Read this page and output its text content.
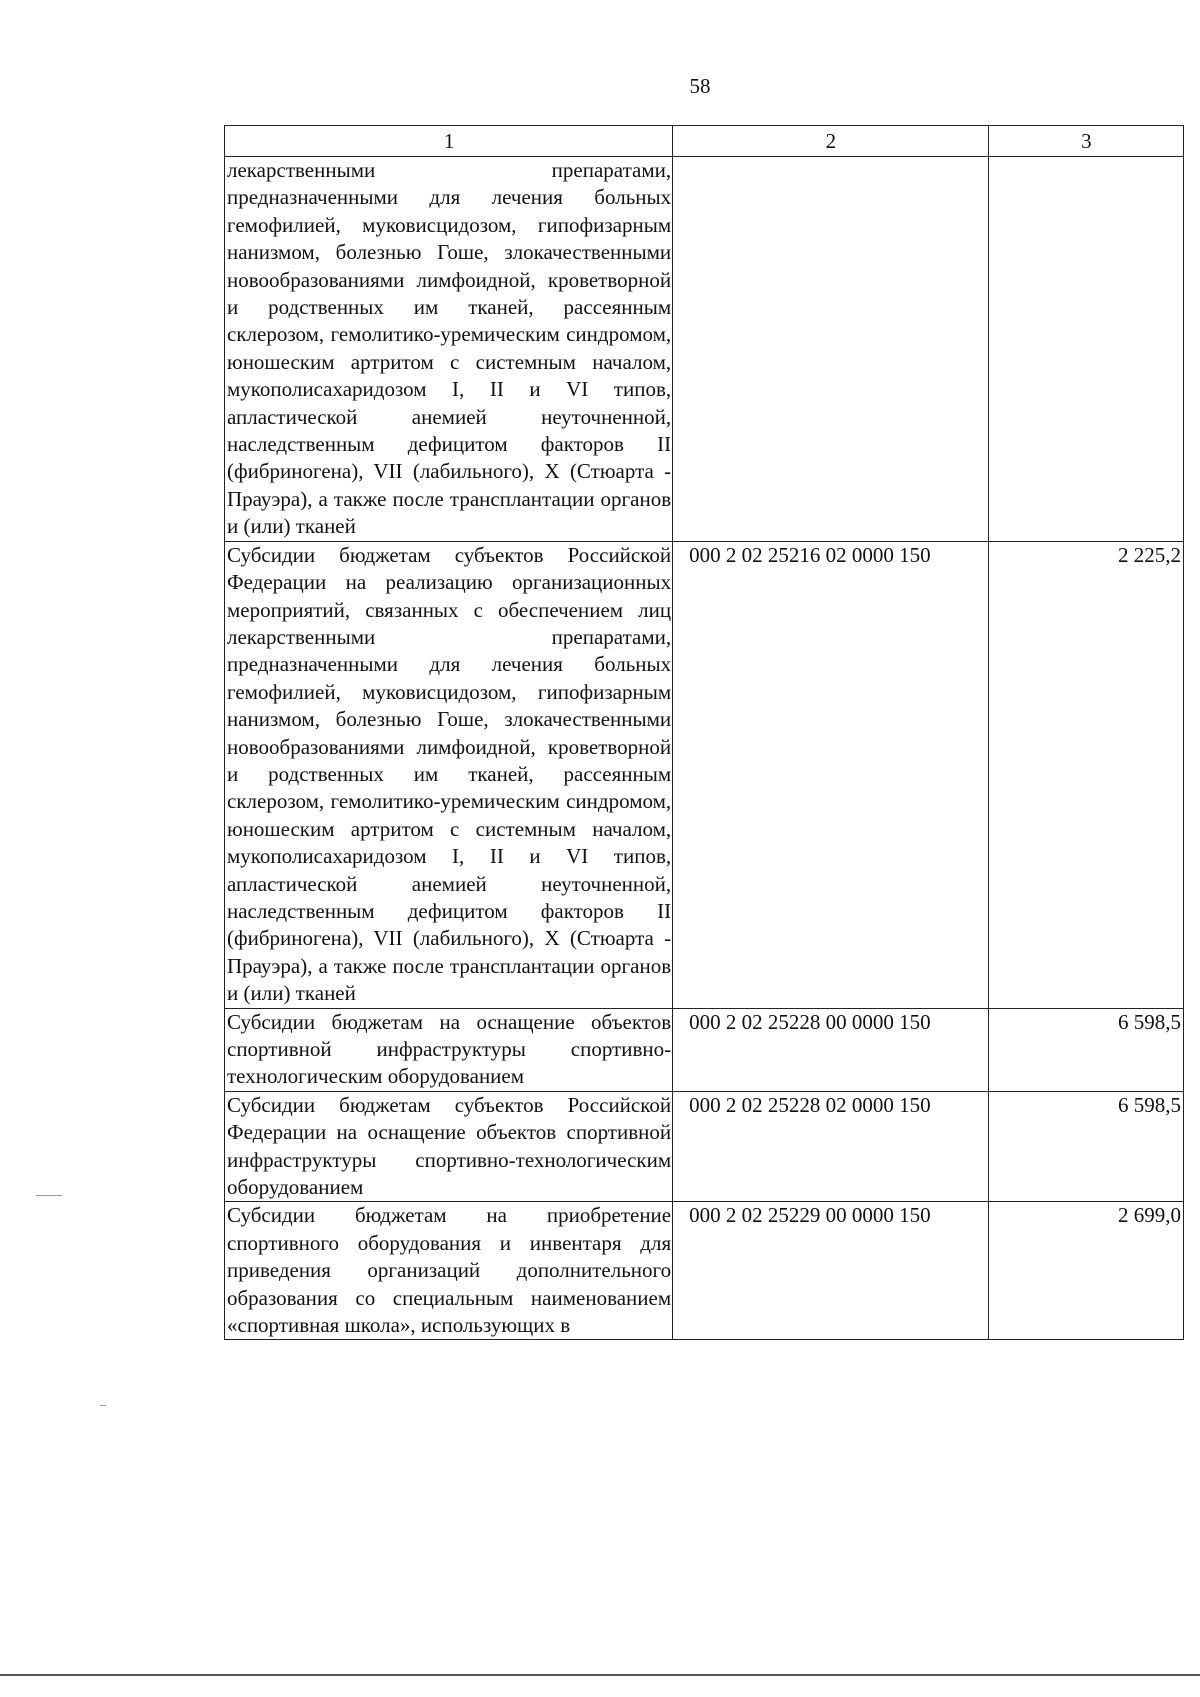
58
1	2	3
лекарственными препаратами, предназначенными для лечения больных гемофилией, муковисцидозом, гипофизарным нанизмом, болезнью Гоше, злокачественными новообразованиями лимфоидной, кроветворной и родственных им тканей, рассеянным склерозом, гемолитико-уремическим синдромом, юношеским артритом с системным началом, мукополисахаридозом I, II и VI типов, апластической анемией неуточненной, наследственным дефицитом факторов II (фибриногена), VII (лабильного), X (Стюарта - Прауэра), а также после трансплантации органов и (или) тканей		
Субсидии бюджетам субъектов Российской Федерации на реализацию организационных мероприятий, связанных с обеспечением лиц лекарственными препаратами, предназначенными для лечения больных гемофилией, муковисцидозом, гипофизарным нанизмом, болезнью Гоше, злокачественными новообразованиями лимфоидной, кроветворной и родственных им тканей, рассеянным склерозом, гемолитико-уремическим синдромом, юношеским артритом с системным началом, мукополисахаридозом I, II и VI типов, апластической анемией неуточненной, наследственным дефицитом факторов II (фибриногена), VII (лабильного), X (Стюарта - Прауэра), а также после трансплантации органов и (или) тканей	000 2 02 25216 02 0000 150	2 225,2
Субсидии бюджетам на оснащение объектов спортивной инфраструктуры спортивно-технологическим оборудованием	000 2 02 25228 00 0000 150	6 598,5
Субсидии бюджетам субъектов Российской Федерации на оснащение объектов спортивной инфраструктуры спортивно-технологическим оборудованием	000 2 02 25228 02 0000 150	6 598,5
Субсидии бюджетам на приобретение спортивного оборудования и инвентаря для приведения организаций дополнительного образования со специальным наименованием «спортивная школа», использующих в	000 2 02 25229 00 0000 150	2 699,0
